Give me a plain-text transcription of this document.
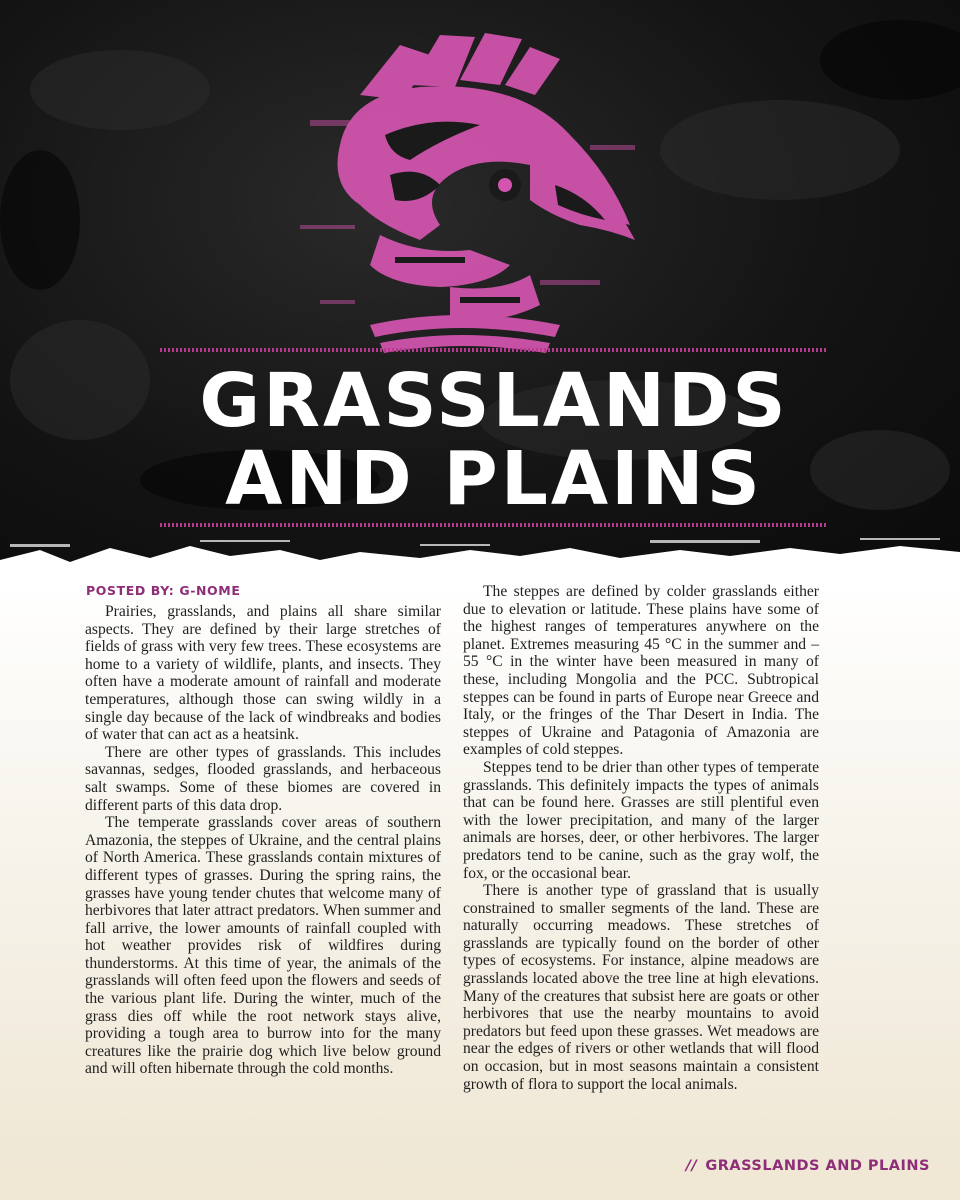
GRASSLANDS
AND PLAINS

POSTED BY: G-NOME

Prairies, grasslands, and plains all share similar aspects. They are defined by their large stretches of fields of grass with very few trees. These ecosystems are home to a variety of wildlife, plants, and insects. They often have a moderate amount of rainfall and moderate temperatures, although those can swing wildly in a single day because of the lack of windbreaks and bodies of water that can act as a heatsink.

There are other types of grasslands. This includes savannas, sedges, flooded grasslands, and herbaceous salt swamps. Some of these biomes are covered in different parts of this data drop.

The temperate grasslands cover areas of southern Amazonia, the steppes of Ukraine, and the central plains of North America. These grasslands contain mixtures of different types of grasses. During the spring rains, the grasses have young tender chutes that welcome many of herbivores that later attract predators. When summer and fall arrive, the lower amounts of rainfall coupled with hot weather provides risk of wildfires during thunderstorms. At this time of year, the animals of the grasslands will often feed upon the flowers and seeds of the various plant life. During the winter, much of the grass dies off while the root network stays alive, providing a tough area to burrow into for the many creatures like the prairie dog which live below ground and will often hibernate through the cold months.

The steppes are defined by colder grasslands either due to elevation or latitude. These plains have some of the highest ranges of temperatures anywhere on the planet. Extremes measuring 45 °C in the summer and –55 °C in the winter have been measured in many of these, including Mongolia and the PCC. Subtropical steppes can be found in parts of Europe near Greece and Italy, or the fringes of the Thar Desert in India. The steppes of Ukraine and Patagonia of Amazonia are examples of cold steppes.

Steppes tend to be drier than other types of temperate grasslands. This definitely impacts the types of animals that can be found here. Grasses are still plentiful even with the lower precipitation, and many of the larger animals are horses, deer, or other herbivores. The larger predators tend to be canine, such as the gray wolf, the fox, or the occasional bear.

There is another type of grassland that is usually constrained to smaller segments of the land. These are naturally occurring meadows. These stretches of grasslands are typically found on the border of other types of ecosystems. For instance, alpine meadows are grasslands located above the tree line at high elevations. Many of the creatures that subsist here are goats or other herbivores that use the nearby mountains to avoid predators but feed upon these grasses. Wet meadows are near the edges of rivers or other wetlands that will flood on occasion, but in most seasons maintain a consistent growth of flora to support the local animals.

// GRASSLANDS AND PLAINS
